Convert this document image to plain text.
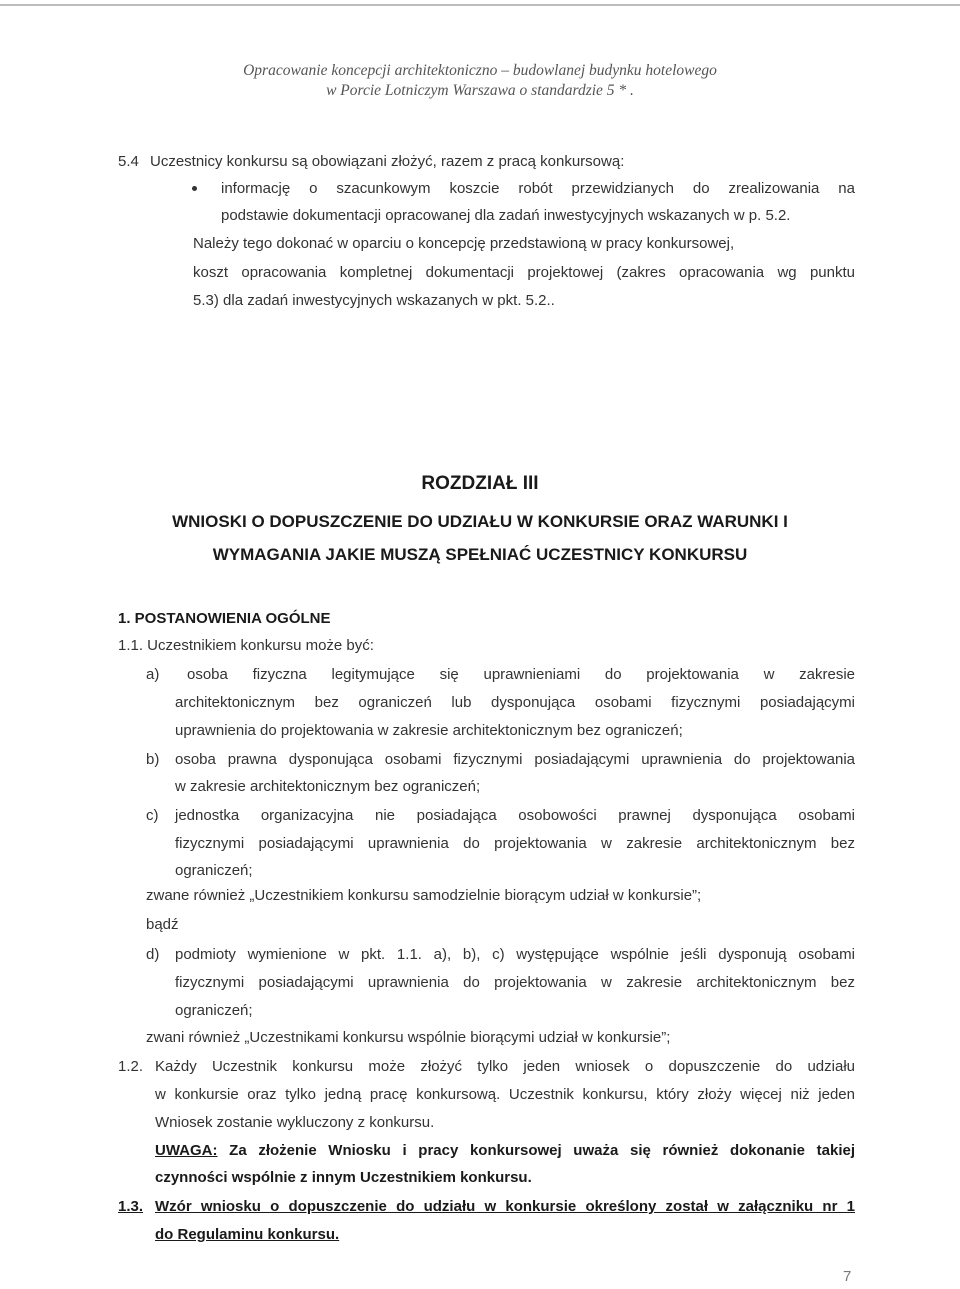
Opracowanie koncepcji architektoniczno – budowlanej budynku hotelowego
w Porcie Lotniczym Warszawa o standardzie 5 * .
5.4 Uczestnicy konkursu są obowiązani złożyć, razem z pracą konkursową:
informację o szacunkowym koszcie robót przewidzianych do zrealizowania na
podstawie dokumentacji opracowanej dla zadań inwestycyjnych wskazanych w p. 5.2.
Należy tego dokonać w oparciu o koncepcję przedstawioną w pracy konkursowej,
koszt opracowania kompletnej dokumentacji projektowej (zakres opracowania wg punktu
5.3) dla zadań inwestycyjnych wskazanych w pkt. 5.2..
ROZDZIAŁ III
WNIOSKI O DOPUSZCZENIE DO UDZIAŁU W KONKURSIE ORAZ WARUNKI I
WYMAGANIA JAKIE MUSZĄ SPEŁNIAĆ UCZESTNICY KONKURSU
1. POSTANOWIENIA OGÓLNE
1.1. Uczestnikiem konkursu może być:
a) osoba fizyczna legitymujące się uprawnieniami do projektowania w zakresie
architektonicznym bez ograniczeń lub dysponująca osobami fizycznymi posiadającymi
uprawnienia do projektowania w zakresie architektonicznym bez ograniczeń;
b) osoba prawna dysponująca osobami fizycznymi posiadającymi uprawnienia do projektowania
w zakresie architektonicznym bez ograniczeń;
c) jednostka organizacyjna nie posiadająca osobowości prawnej dysponująca osobami
fizycznymi posiadającymi uprawnienia do projektowania w zakresie architektonicznym bez
ograniczeń;
zwane również „Uczestnikiem konkursu samodzielnie biorącym udział w konkursie”;
bądź
d) podmioty wymienione w pkt. 1.1. a), b), c) występujące wspólnie jeśli dysponują osobami
fizycznymi posiadającymi uprawnienia do projektowania w zakresie architektonicznym bez
ograniczeń;
zwani również „Uczestnikami konkursu wspólnie biorącymi udział w konkursie”;
1.2. Każdy Uczestnik konkursu może złożyć tylko jeden wniosek o dopuszczenie do udziału
w konkursie oraz tylko jedną pracę konkursową. Uczestnik konkursu, który złoży więcej niż jeden
Wniosek zostanie wykluczony z konkursu.
UWAGA: Za złożenie Wniosku i pracy konkursowej uważa się również dokonanie takiej
czynności wspólnie z innym Uczestnikiem konkursu.
1.3. Wzór wniosku o dopuszczenie do udziału w konkursie określony został w załączniku nr 1
do Regulaminu konkursu.
7
